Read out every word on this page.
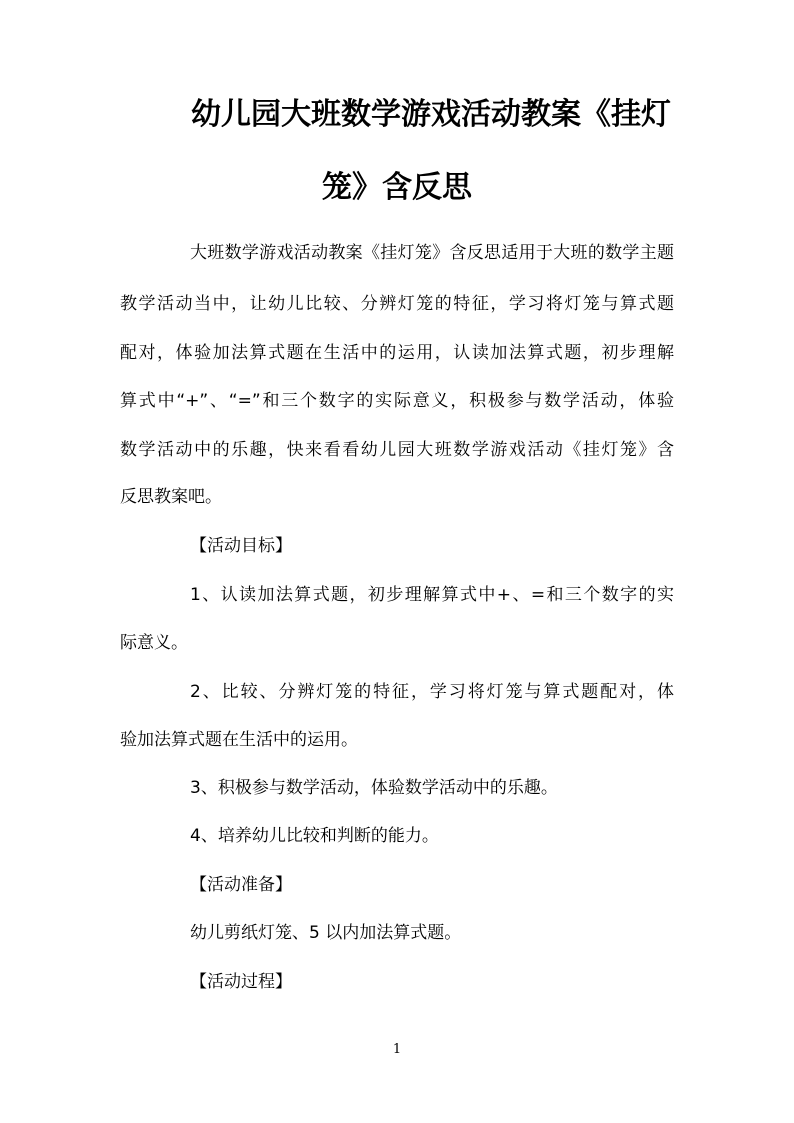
幼儿园大班数学游戏活动教案《挂灯
笼》含反思
大班数学游戏活动教案《挂灯笼》含反思适用于大班的数学主题
教学活动当中，让幼儿比较、分辨灯笼的特征，学习将灯笼与算式题
配对，体验加法算式题在生活中的运用，认读加法算式题，初步理解
算式中“+”、“=”和三个数字的实际意义，积极参与数学活动，体验
数学活动中的乐趣，快来看看幼儿园大班数学游戏活动《挂灯笼》含
反思教案吧。
【活动目标】
1、认读加法算式题，初步理解算式中+、=和三个数字的实
际意义。
2、比较、分辨灯笼的特征，学习将灯笼与算式题配对，体
验加法算式题在生活中的运用。
3、积极参与数学活动，体验数学活动中的乐趣。
4、培养幼儿比较和判断的能力。
【活动准备】
幼儿剪纸灯笼、5 以内加法算式题。
【活动过程】
1
